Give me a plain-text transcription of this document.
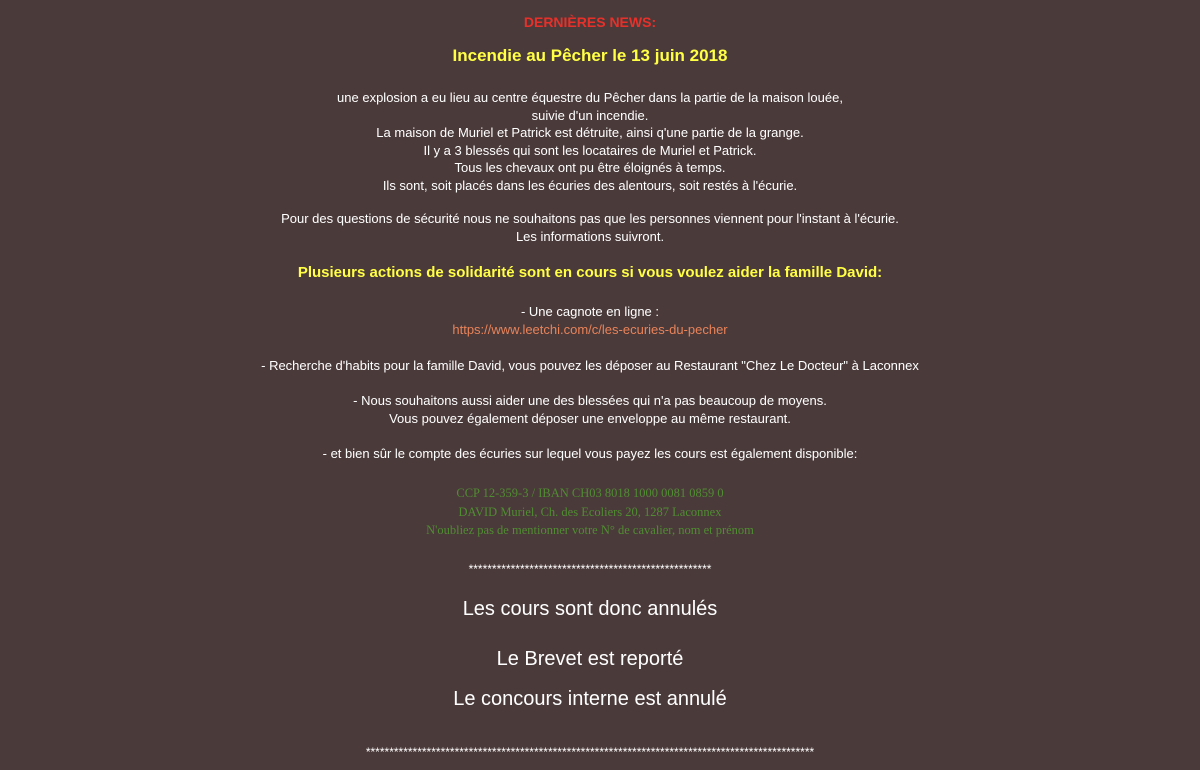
DERNIÈRES NEWS:
Incendie au Pêcher le 13 juin 2018
une explosion a eu lieu au centre équestre du Pêcher dans la partie de la maison louée,
suivie d'un incendie.
La maison de Muriel et Patrick est détruite, ainsi q'une partie de la grange.
Il y a 3 blessés qui sont les locataires de Muriel et Patrick.
Tous les chevaux ont pu être éloignés à temps.
Ils sont, soit placés dans les écuries des alentours, soit restés à l'écurie.
Pour des questions de sécurité nous ne souhaitons pas que les personnes viennent pour l'instant à l'écurie.
Les informations suivront.
Plusieurs actions de solidarité sont en cours si vous voulez aider la famille David:
- Une cagnote en ligne :
https://www.leetchi.com/c/les-ecuries-du-pecher
- Recherche d'habits pour la famille David, vous pouvez les déposer au Restaurant "Chez Le Docteur" à Laconnex
- Nous souhaitons aussi aider une des blessées qui n'a pas beaucoup de moyens.
Vous pouvez également déposer une enveloppe au même restaurant.
- et bien sûr le compte des écuries sur lequel vous payez les cours est également disponible:
CCP 12-359-3 / IBAN CH03 8018 1000 0081 0859 0
DAVID Muriel, Ch. des Ecoliers 20, 1287 Laconnex
N'oubliez pas de mentionner votre N° de cavalier, nom et prénom
****************************************************
Les cours sont donc annulés
Le Brevet est reporté
Le concours interne est annulé
************************************************************************************************
